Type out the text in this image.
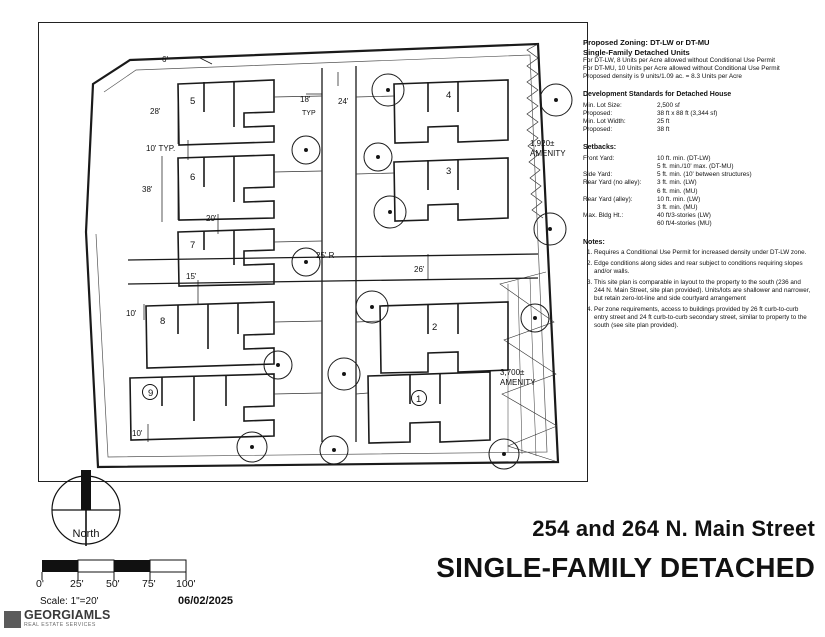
28'
18'
TYP
24'
10' TYP.
38'
20'
15'
10'
10'
25' R
26'
6'
5
6
7
8
9
4
3
2
1
1,920±
AMENITY
3,700±
AMENITY
Proposed Zoning: DT-LW or DT-MU
Single-Family Detached Units
For DT-LW, 8 Units per Acre allowed without Conditional Use Permit
For DT-MU, 10 Units per Acre allowed without Conditional Use Permit
Proposed density is 9 units/1.09 ac. = 8.3 Units per Acre
Development Standards for Detached House
Min. Lot Size:	2,500 sf
Proposed:	38 ft x 88 ft (3,344 sf)
Min. Lot Width:	25 ft
Proposed:	38 ft
Setbacks:
Front Yard:	10 ft. min. (DT-LW)
5 ft. min./10' max. (DT-MU)
Side Yard:	5 ft. min. (10' between structures)
Rear Yard (no alley):	3 ft. min. (LW)
6 ft. min. (MU)
Rear Yard (alley):	10 ft. min. (LW)
3 ft. min. (MU)
Max. Bldg Ht.:	40 ft/3-stories (LW)
60 ft/4-stories (MU)
Notes:
1. Requires a Conditional Use Permit for increased density under DT-LW zone.
2. Edge conditions along sides and rear subject to conditions requiring slopes and/or walls.
3. This site plan is comparable in layout to the property to the south (236 and 244 N. Main Street, site plan provided). Units/lots are shallower and narrower, but retain zero-lot-line and side courtyard arrangement
4. Per zone requirements, access to buildings provided by 26 ft curb-to-curb entry street and 24 ft curb-to-curb secondary street, similar to property to the south (see site plan provided).
North
0' 25' 50' 75' 100'
Scale: 1"=20'	06/02/2025
254 and 264 N. Main Street
SINGLE-FAMILY DETACHED
GEORGIAMLS
REAL ESTATE SERVICES
